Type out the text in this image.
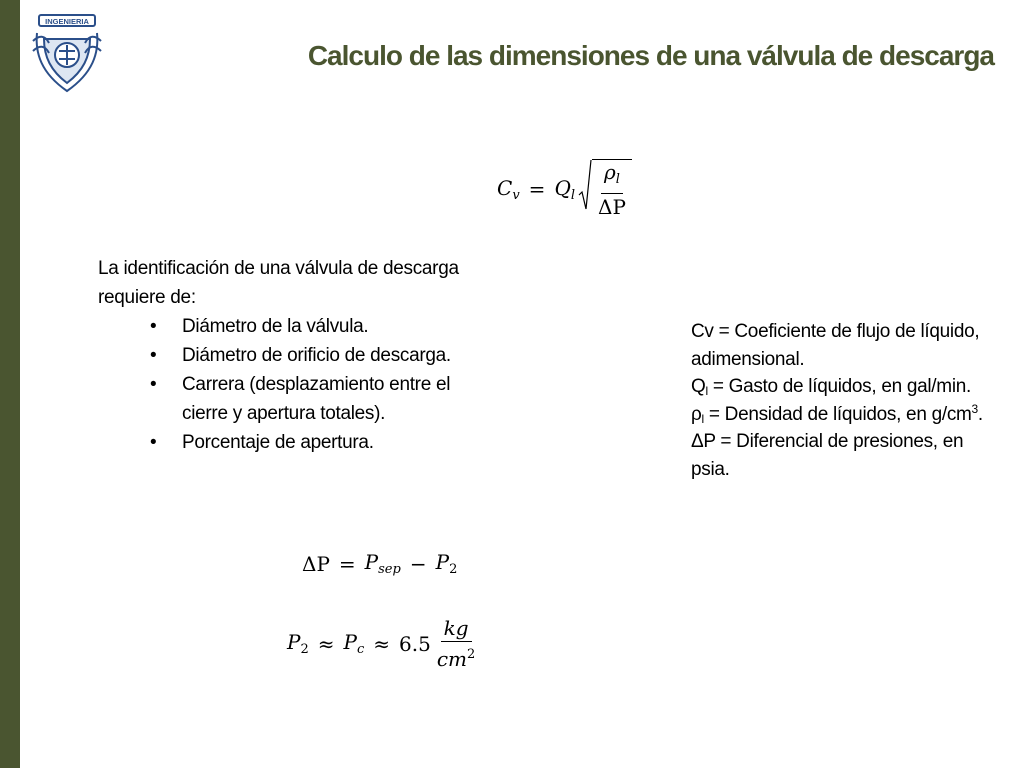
INGENIERIA
Calculo de las dimensiones de una válvula de descarga
$C_v = Q_l \frac{\rho_l}{\Delta P}$

La identificación de una válvula de descarga requiere de:

• Diámetro de la válvula.
• Diámetro de orificio de descarga.
• Carrera (desplazamiento entre el cierre y apertura totales).
• Porcentaje de apertura.

Cv = Coeficiente de flujo de líquido, adimensional.

$Q_l$ = Gasto de líquidos, en gal/min.

$\rho_l$ = Densidad de líquidos, en $g/cm^3$.

ΔP = Diferencial de presiones, en psia.

$\Delta P = P_{sep} - P_2$
$P_2 \approx P_c \approx 6.5 \frac{kg}{cm^2}$
